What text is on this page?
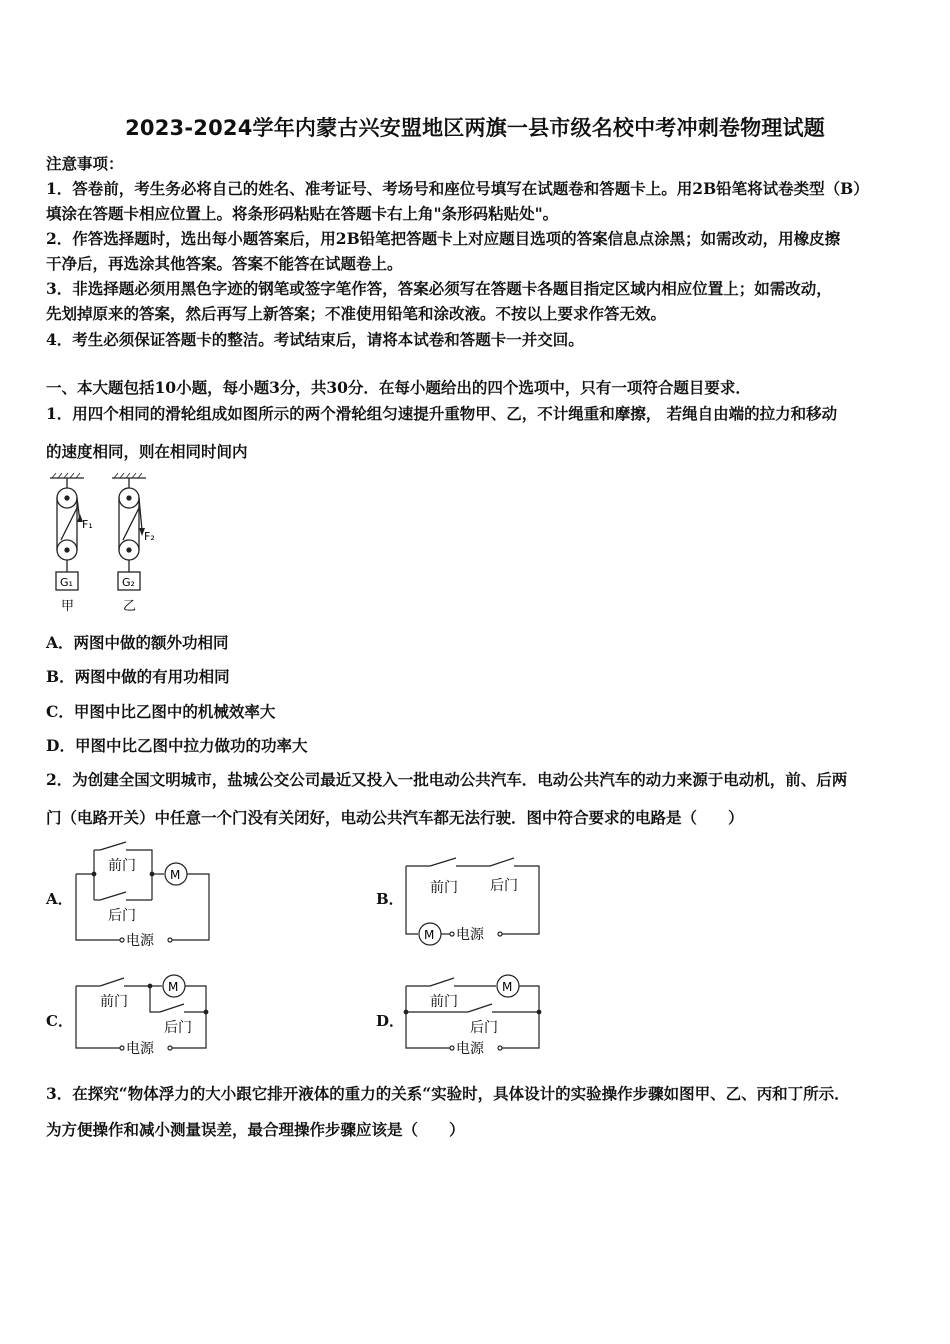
2023-2024学年内蒙古兴安盟地区两旗一县市级名校中考冲刺卷物理试题
注意事项：
1．答卷前，考生务必将自己的姓名、准考证号、考场号和座位号填写在试题卷和答题卡上。用2B铅笔将试卷类型（B）
填涂在答题卡相应位置上。将条形码粘贴在答题卡右上角"条形码粘贴处"。
2．作答选择题时，选出每小题答案后，用2B铅笔把答题卡上对应题目选项的答案信息点涂黑；如需改动，用橡皮擦
干净后，再选涂其他答案。答案不能答在试题卷上。
3．非选择题必须用黑色字迹的钢笔或签字笔作答，答案必须写在答题卡各题目指定区域内相应位置上；如需改动，
先划掉原来的答案，然后再写上新答案；不准使用铅笔和涂改液。不按以上要求作答无效。
4．考生必须保证答题卡的整洁。考试结束后，请将本试卷和答题卡一并交回。
一、本大题包括10小题，每小题3分，共30分．在每小题给出的四个选项中，只有一项符合题目要求．
1．用四个相同的滑轮组成如图所示的两个滑轮组匀速提升重物甲、乙，不计绳重和摩擦， 若绳自由端的拉力和移动
的速度相同，则在相同时间内
F₁
F₂
G₁	G₂
甲	乙
A．两图中做的额外功相同
B．两图中做的有用功相同
C．甲图中比乙图中的机械效率大
D．甲图中比乙图中拉力做功的功率大
2．为创建全国文明城市，盐城公交公司最近又投入一批电动公共汽车．电动公共汽车的动力来源于电动机，前、后两
门（电路开关）中任意一个门没有关闭好，电动公共汽车都无法行驶．图中符合要求的电路是（　　）
A．
前门
后门
M
电源
B．
前门 后门
M 电源
C．
前门
后门
M
电源
D．
前门
后门
M
电源
3．在探究“物体浮力的大小跟它排开液体的重力的关系“实验时，具体设计的实验操作步骤如图甲、乙、丙和丁所示．
为方便操作和减小测量误差，最合理操作步骤应该是（　　）
